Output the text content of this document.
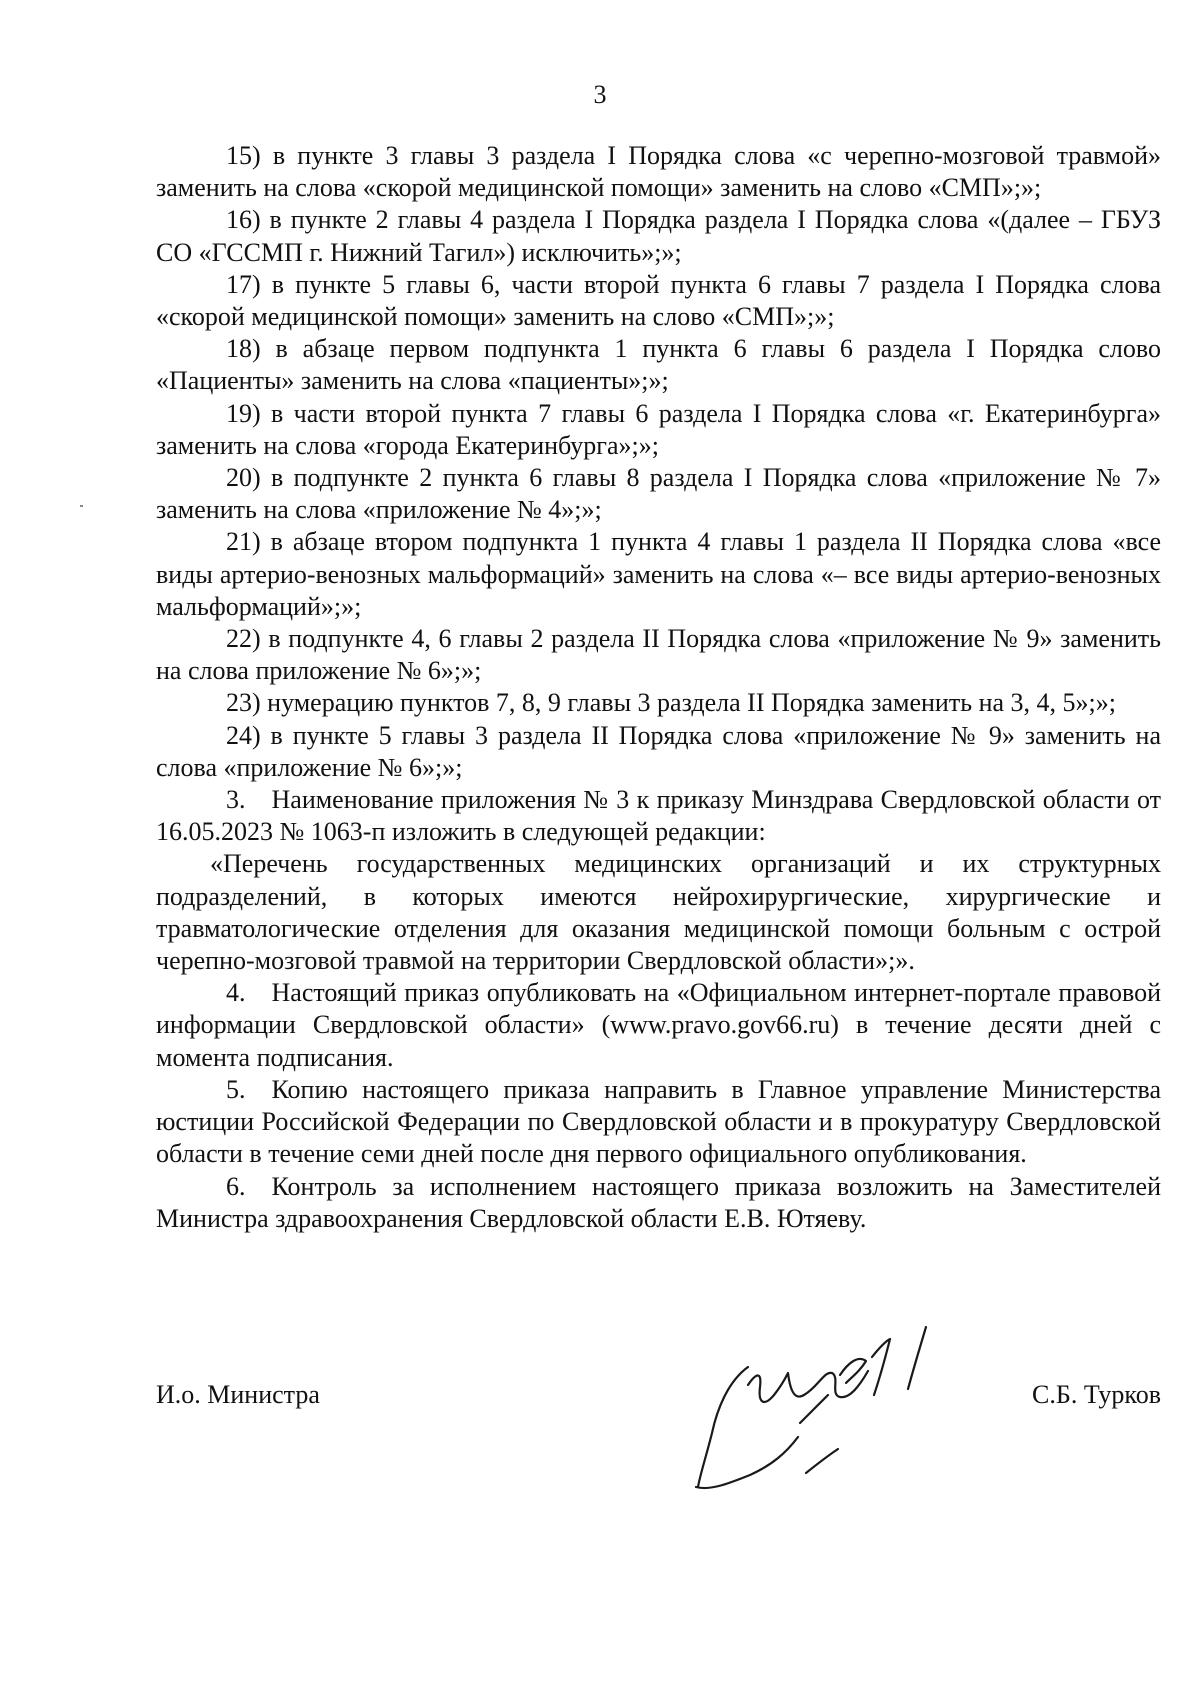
3

15) в пункте 3 главы 3 раздела I Порядка слова «с черепно-мозговой травмой» заменить на слова «скорой медицинской помощи» заменить на слово «СМП»;»;

16) в пункте 2 главы 4 раздела I Порядка раздела I Порядка слова «(далее – ГБУЗ СО «ГССМП г. Нижний Тагил») исключить»;»;

17) в пункте 5 главы 6, части второй пункта 6 главы 7 раздела I Порядка слова «скорой медицинской помощи» заменить на слово «СМП»;»;

18) в абзаце первом подпункта 1 пункта 6 главы 6 раздела I Порядка слово «Пациенты» заменить на слова «пациенты»;»;

19) в части второй пункта 7 главы 6 раздела I Порядка слова «г. Екатеринбурга» заменить на слова «города Екатеринбурга»;»;

20) в подпункте 2 пункта 6 главы 8 раздела I Порядка слова «приложение № 7» заменить на слова «приложение № 4»;»;

21) в абзаце втором подпункта 1 пункта 4 главы 1 раздела II Порядка слова «все виды артерио-венозных мальформаций» заменить на слова «– все виды артерио-венозных мальформаций»;»;

22) в подпункте 4, 6 главы 2 раздела II Порядка слова «приложение № 9» заменить на слова приложение № 6»;»;

23) нумерацию пунктов 7, 8, 9 главы 3 раздела II Порядка заменить на 3, 4, 5»;»;

24) в пункте 5 главы 3 раздела II Порядка слова «приложение № 9» заменить на слова «приложение № 6»;»;

3. Наименование приложения № 3 к приказу Минздрава Свердловской области от 16.05.2023 № 1063-п изложить в следующей редакции:

«Перечень государственных медицинских организаций и их структурных подразделений, в которых имеются нейрохирургические, хирургические и травматологические отделения для оказания медицинской помощи больным с острой черепно-мозговой травмой на территории Свердловской области»;».

4. Настоящий приказ опубликовать на «Официальном интернет-портале правовой информации Свердловской области» (www.pravo.gov66.ru) в течение десяти дней с момента подписания.

5. Копию настоящего приказа направить в Главное управление Министерства юстиции Российской Федерации по Свердловской области и в прокуратуру Свердловской области в течение семи дней после дня первого официального опубликования.

6. Контроль за исполнением настоящего приказа возложить на Заместителей Министра здравоохранения Свердловской области Е.В. Ютяеву.

И.о. Министра	С.Б. Турков
